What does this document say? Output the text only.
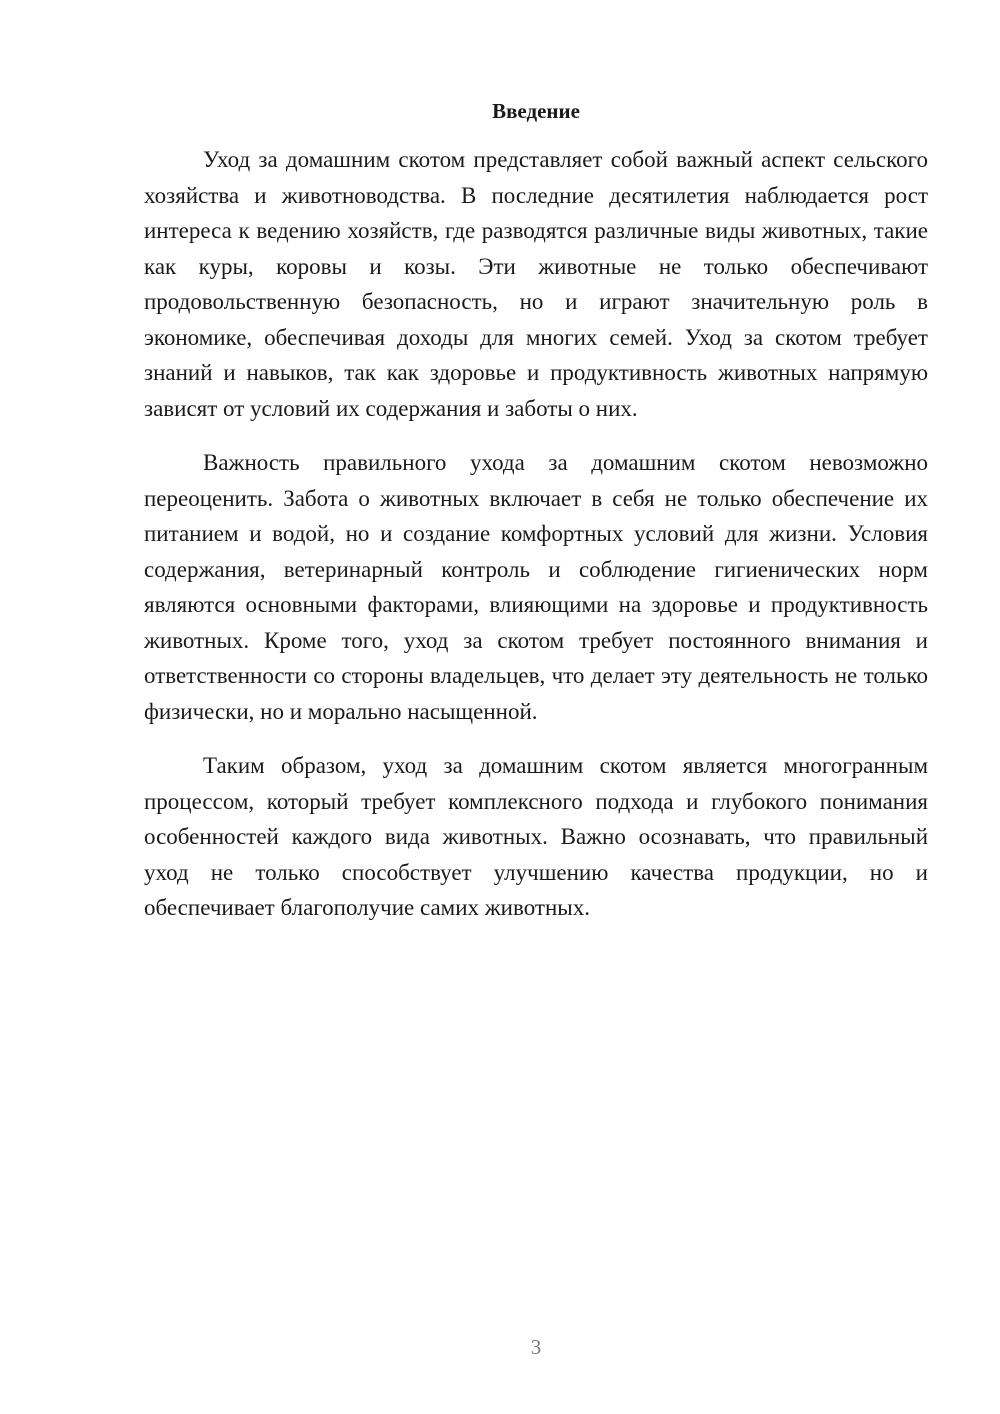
Введение

Уход за домашним скотом представляет собой важный аспект сельского хозяйства и животноводства. В последние десятилетия наблюдается рост интереса к ведению хозяйств, где разводятся различные виды животных, такие как куры, коровы и козы. Эти животные не только обеспечивают продовольственную безопасность, но и играют значительную роль в экономике, обеспечивая доходы для многих семей. Уход за скотом требует знаний и навыков, так как здоровье и продуктивность животных напрямую зависят от условий их содержания и заботы о них.

Важность правильного ухода за домашним скотом невозможно переоценить. Забота о животных включает в себя не только обеспечение их питанием и водой, но и создание комфортных условий для жизни. Условия содержания, ветеринарный контроль и соблюдение гигиенических норм являются основными факторами, влияющими на здоровье и продуктивность животных. Кроме того, уход за скотом требует постоянного внимания и ответственности со стороны владельцев, что делает эту деятельность не только физически, но и морально насыщенной.

Таким образом, уход за домашним скотом является многогранным процессом, который требует комплексного подхода и глубокого понимания особенностей каждого вида животных. Важно осознавать, что правильный уход не только способствует улучшению качества продукции, но и обеспечивает благополучие самих животных.

3
